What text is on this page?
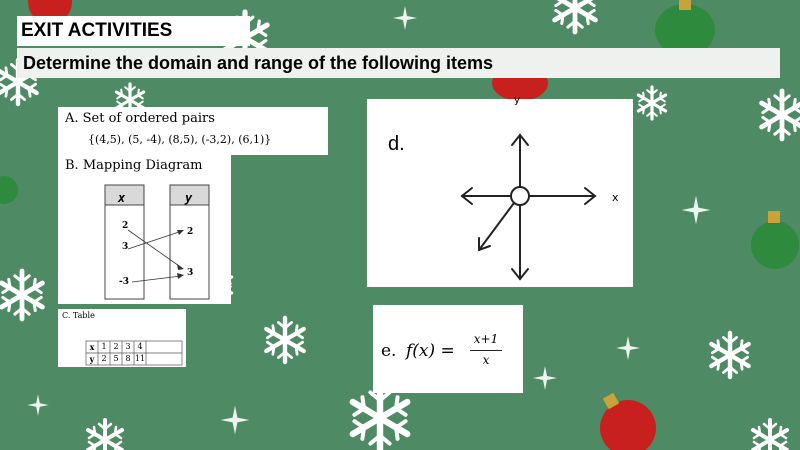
EXIT ACTIVITIES
Determine the domain and range of the following items
A. Set of ordered pairs
{(4,5), (5, -4), (8,5), (-3,2), (6,1)}
B. Mapping Diagram
x	y
2
3
-3
2
3
C. Table
x
y
1 2 3 4
2 5 8 11
d.
y
x
e. f(x) =
x+1
x
